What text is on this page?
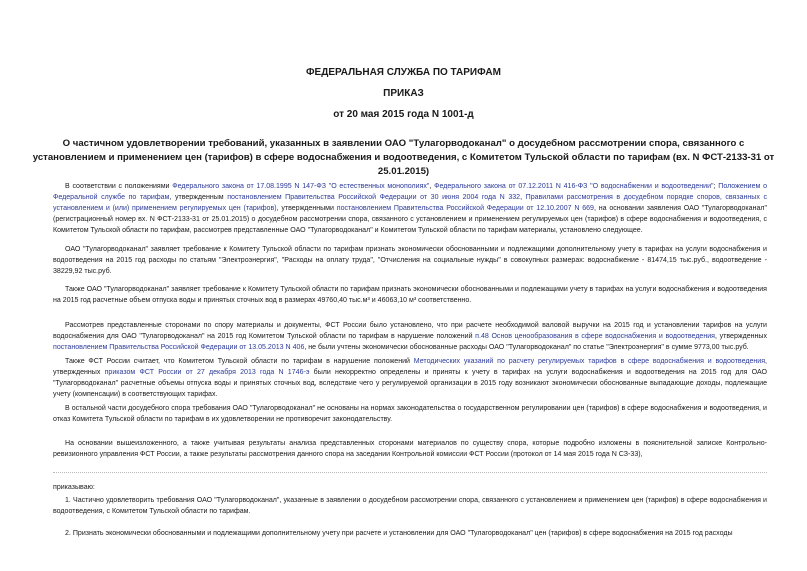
ФЕДЕРАЛЬНАЯ СЛУЖБА ПО ТАРИФАМ

ПРИКАЗ

от 20 мая 2015 года N 1001-д

О частичном удовлетворении требований, указанных в заявлении ОАО "Тулагорводоканал" о досудебном рассмотрении спора, связанного с установлением и применением цен (тарифов) в сфере водоснабжения и водоотведения, с Комитетом Тульской области по тарифам (вх. N ФСТ-2133-31 от 25.01.2015)

В соответствии с положениями Федерального закона от 17.08.1995 N 147-ФЗ "О естественных монополиях", Федерального закона от 07.12.2011 N 416-ФЗ "О водоснабжении и водоотведении"; Положением о Федеральной службе по тарифам, утвержденным постановлением Правительства Российской Федерации от 30 июня 2004 года N 332, Правилами рассмотрения в досудебном порядке споров, связанных с установлением и (или) применением регулируемых цен (тарифов), утвержденными постановлением Правительства Российской Федерации от 12.10.2007 N 669, на основании заявления ОАО "Тулагорводоканал" (регистрационный номер вх. N ФСТ-2133-31 от 25.01.2015) о досудебном рассмотрении спора, связанного с установлением и применением регулируемых цен (тарифов) в сфере водоснабжения и водоотведения, с Комитетом Тульской области по тарифам, рассмотрев представленные ОАО "Тулагорводоканал" и Комитетом Тульской области по тарифам материалы, установлено следующее.

ОАО "Тулагорводоканал" заявляет требование к Комитету Тульской области по тарифам признать экономически обоснованными и подлежащими дополнительному учету в тарифах на услуги водоснабжения и водоотведения на 2015 год расходы по статьям "Электроэнергия", "Расходы на оплату труда", "Отчисления на социальные нужды" в совокупных размерах: водоснабжение - 81474,15 тыс.руб., водоотведение - 38229,92 тыс.руб.

Также ОАО "Тулагорводоканал" заявляет требование к Комитету Тульской области по тарифам признать экономически обоснованными и подлежащими учету в тарифах на услуги водоснабжения и водоотведения на 2015 год расчетные объем отпуска воды и принятых сточных вод в размерах 49760,40 тыс.м³ и 46063,10 м³ соответственно.

Рассмотрев представленные сторонами по спору материалы и документы, ФСТ России было установлено, что при расчете необходимой валовой выручки на 2015 год и установлении тарифов на услуги водоснабжения для ОАО "Тулагорводоканал" на 2015 год Комитетом Тульской области по тарифам в нарушение положений п.48 Основ ценообразования в сфере водоснабжения и водоотведения, утвержденных постановлением Правительства Российской Федерации от 13.05.2013 N 406, не были учтены экономически обоснованные расходы ОАО "Тулагорводоканал" по статье "Электроэнергия" в сумме 9773,00 тыс.руб.

Также ФСТ России считает, что Комитетом Тульской области по тарифам в нарушение положений Методических указаний по расчету регулируемых тарифов в сфере водоснабжения и водоотведения, утвержденных приказом ФСТ России от 27 декабря 2013 года N 1746-э были некорректно определены и приняты к учету в тарифах на услуги водоснабжения и водоотведения на 2015 год для ОАО "Тулагорводоканал" расчетные объемы отпуска воды и принятых сточных вод, вследствие чего у регулируемой организации в 2015 году возникают экономически обоснованные выпадающие доходы, подлежащие учету (компенсации) в соответствующих тарифах.

В остальной части досудебного спора требования ОАО "Тулагорводоканал" не основаны на нормах законодательства о государственном регулировании цен (тарифов) в сфере водоснабжения и водоотведения, и отказ Комитета Тульской области по тарифам в их удовлетворении не противоречит законодательству.

На основании вышеизложенного, а также учитывая результаты анализа представленных сторонами материалов по существу спора, которые подробно изложены в пояснительной записке Контрольно-ревизионного управления ФСТ России, а также результаты рассмотрения данного спора на заседании Контрольной комиссии ФСТ России (протокол от 14 мая 2015 года N СЗ-33),

приказываю:

1. Частично удовлетворить требования ОАО "Тулагорводоканал", указанные в заявлении о досудебном рассмотрении спора, связанного с установлением и применением цен (тарифов) в сфере водоснабжения и водоотведения, с Комитетом Тульской области по тарифам.

2. Признать экономически обоснованными и подлежащими дополнительному учету при расчете и установлении для ОАО "Тулагорводоканал" цен (тарифов) в сфере водоснабжения на 2015 год расходы
